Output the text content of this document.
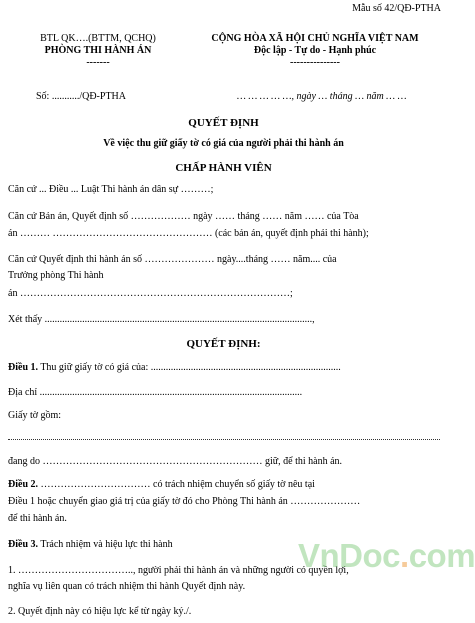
Mẫu số 42/QĐ-PTHA
BTL QK….(BTTM, QCHQ)
PHÒNG THI HÀNH ÁN
-------
Số: .........../QĐ-PTHA
CỘNG HÒA XÃ HỘI CHỦ NGHĨA VIỆT NAM
Độc lập - Tự do - Hạnh phúc
---------------
… … … … …, ngày … tháng … năm … …
QUYẾT ĐỊNH
Về việc thu giữ giấy tờ có giá của người phải thi hành án
CHẤP HÀNH VIÊN
Căn cứ ... Điều ... Luật Thi hành án dân sự ………;
Căn cứ Bản án, Quyết định số ……………… ngày …… tháng …… năm …… của Tòa
án ……… ………………………………………… (các bản án, quyết định phải thi hành);
Căn cứ Quyết định thi hành án số ………………… ngày....tháng …… năm.... của
Trưởng phòng Thi hành
án ………………………………………………………………………;
Xét thấy ...........................................................................................................,
QUYẾT ĐỊNH:
Điều 1. Thu giữ giấy tờ có giá của: ............................................................................
Địa chỉ .........................................................................................................
Giấy tờ gồm:
đang do ………………………………………………………… giữ, để thi hành án.
Điều 2. …………………………… có trách nhiệm chuyển số giấy tờ nêu tại
Điều 1 hoặc chuyển giao giá trị của giấy tờ đó cho Phòng Thi hành án …………………
để thi hành án.
Điều 3. Trách nhiệm và hiệu lực thi hành
1. …………………………….., người phải thi hành án và những người có quyền lợi,
nghĩa vụ liên quan có trách nhiệm thi hành Quyết định này.
2. Quyết định này có hiệu lực kể từ ngày ký./.
VnDoc.com
